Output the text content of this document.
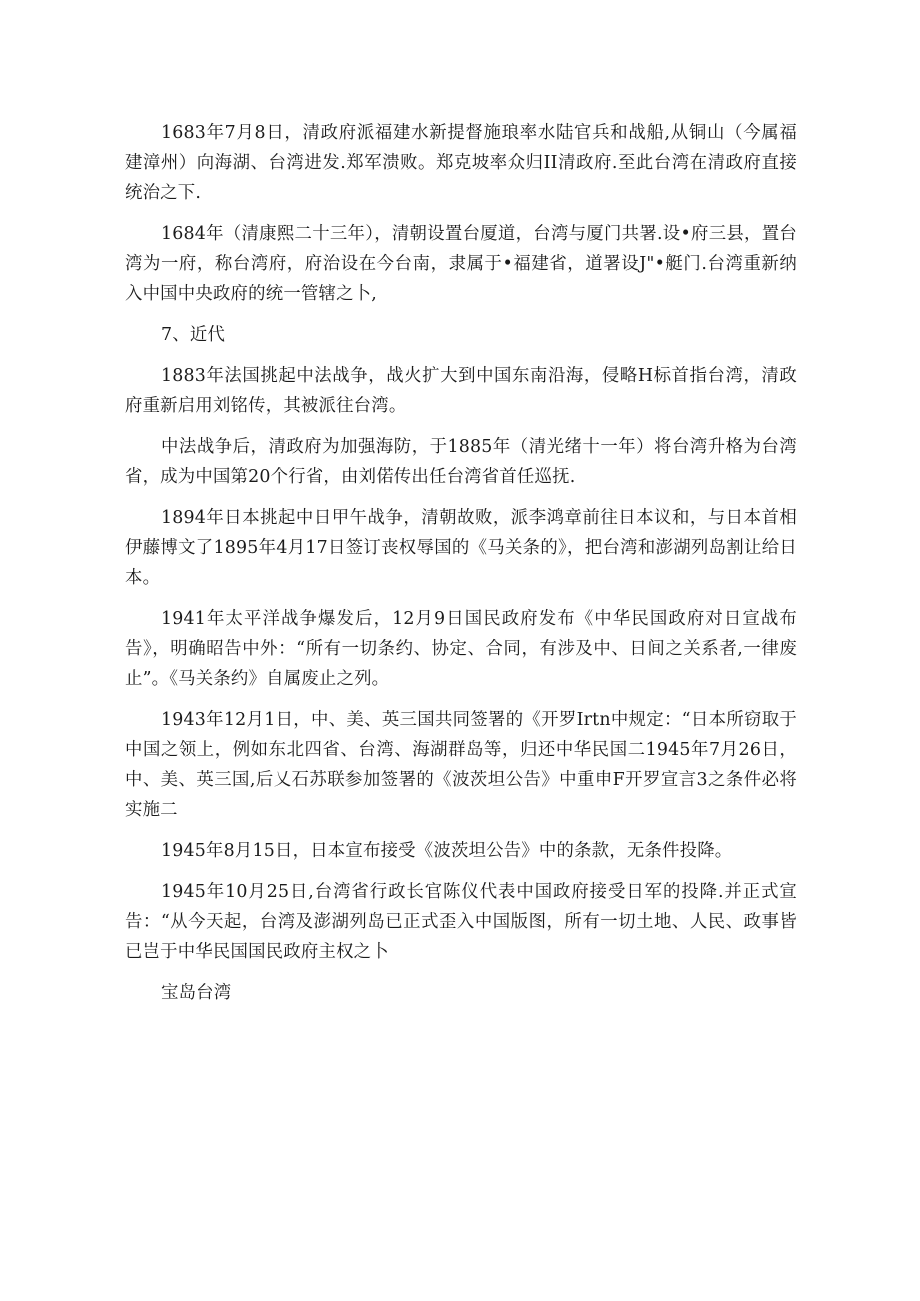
1683年7月8日，清政府派福建水新提督施琅率水陆官兵和战船,从铜山（今属福建漳州）向海湖、台湾进发.郑军溃败。郑克坡率众归II清政府.至此台湾在清政府直接统治之下.

1684年（清康熙二十三年），清朝设置台厦道，台湾与厦门共署.设•府三县，置台湾为一府，称台湾府，府治设在今台南，隶属于•福建省，道署设J"•艇门.台湾重新纳入中国中央政府的统一管辖之卜,

7、近代

1883年法国挑起中法战争，战火扩大到中国东南沿海，侵略H标首指台湾，清政府重新启用刘铭传，其被派往台湾。

中法战争后，清政府为加强海防，于1885年（清光绪十一年）将台湾升格为台湾省，成为中国第20个行省，由刘偌传出任台湾省首任巡抚.

1894年日本挑起中日甲午战争，清朝故败，派李鸿章前往日本议和，与日本首相伊藤博文了1895年4月17日签订丧权辱国的《马关条的》，把台湾和澎湖列岛割让给日本。

1941年太平洋战争爆发后，12月9日国民政府发布《中华民国政府对日宣战布告》，明确昭告中外：“所有一切条约、协定、合同，有涉及中、日间之关系者,一律废止”。《马关条约》自属废止之列。

1943年12月1日，中、美、英三国共同签署的《开罗Irtn中规定：“日本所窃取于中国之领上，例如东北四省、台湾、海湖群岛等，归还中华民国二1945年7月26日，中、美、英三国,后乂石苏联参加签署的《波茨坦公告》中重申F开罗宣言3之条件必将实施二

1945年8月15日，日本宣布接受《波茨坦公告》中的条款，无条件投降。

1945年10月25日,台湾省行政长官陈仪代表中国政府接受日军的投降.并正式宣告：“从今天起，台湾及澎湖列岛已正式歪入中国版图，所有一切土地、人民、政事皆已岂于中华民国国民政府主权之卜

宝岛台湾
